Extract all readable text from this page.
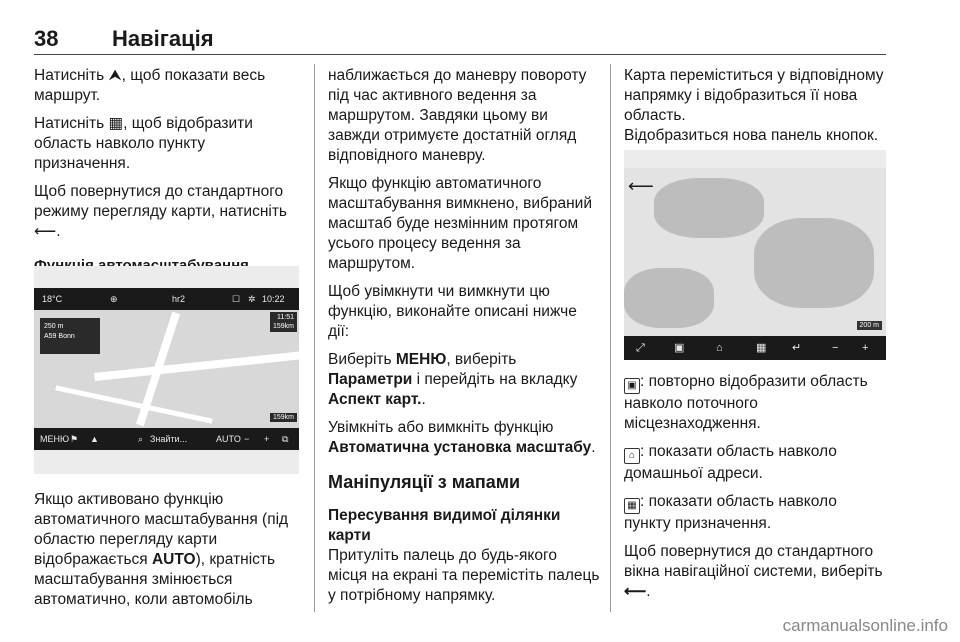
38 Навігація

Натисніть ⮝, щоб показати весь маршрут.

Натисніть ▦, щоб відобразити область навколо пункту призначення.

Щоб повернутися до стандартного режиму перегляду карти, натисніть ⟵.

Якщо активовано функцію автоматичного масштабування (під областю перегляду карти відображається AUTO), кратність масштабування змінюється автоматично, коли автомобіль

18°C	⊕	hr2	☐ ✲ 10:22
250 m
A59 Bonn
11:51
159km
159km
МЕНЮ ⚑ ▲	⌕ Знайти...	AUTO − + ⧉

наближається до маневру повороту під час активного ведення за маршрутом. Завдяки цьому ви завжди отримуєте достатній огляд відповідного маневру.

Якщо функцію автоматичного масштабування вимкнено, вибраний масштаб буде незмінним протягом усього процесу ведення за маршрутом.

Щоб увімкнути чи вимкнути цю функцію, виконайте описані нижче дії:

Виберіть МЕНЮ, виберіть Параметри і перейдіть на вкладку Аспект карт..

Увімкніть або вимкніть функцію Автоматична установка масштабу.

Маніпуляції з мапами

Пересування видимої ділянки карти

Притуліть палець до будь-якого місця на екрані та перемістіть палець у потрібному напрямку.

Карта переміститься у відповідному напрямку і відобразиться її нова область.

Відобразиться нова панель кнопок.

⟵
200 m
⤢	▣	⌂	▦ ↵	− +

▣ : повторно відобразити область навколо поточного місцезнаходження.

⌂ : показати область навколо домашньої адреси.

▦ : показати область навколо пункту призначення.

Щоб повернутися до стандартного вікна навігаційної системи, виберіть ⟵.

carmanualsonline.info
